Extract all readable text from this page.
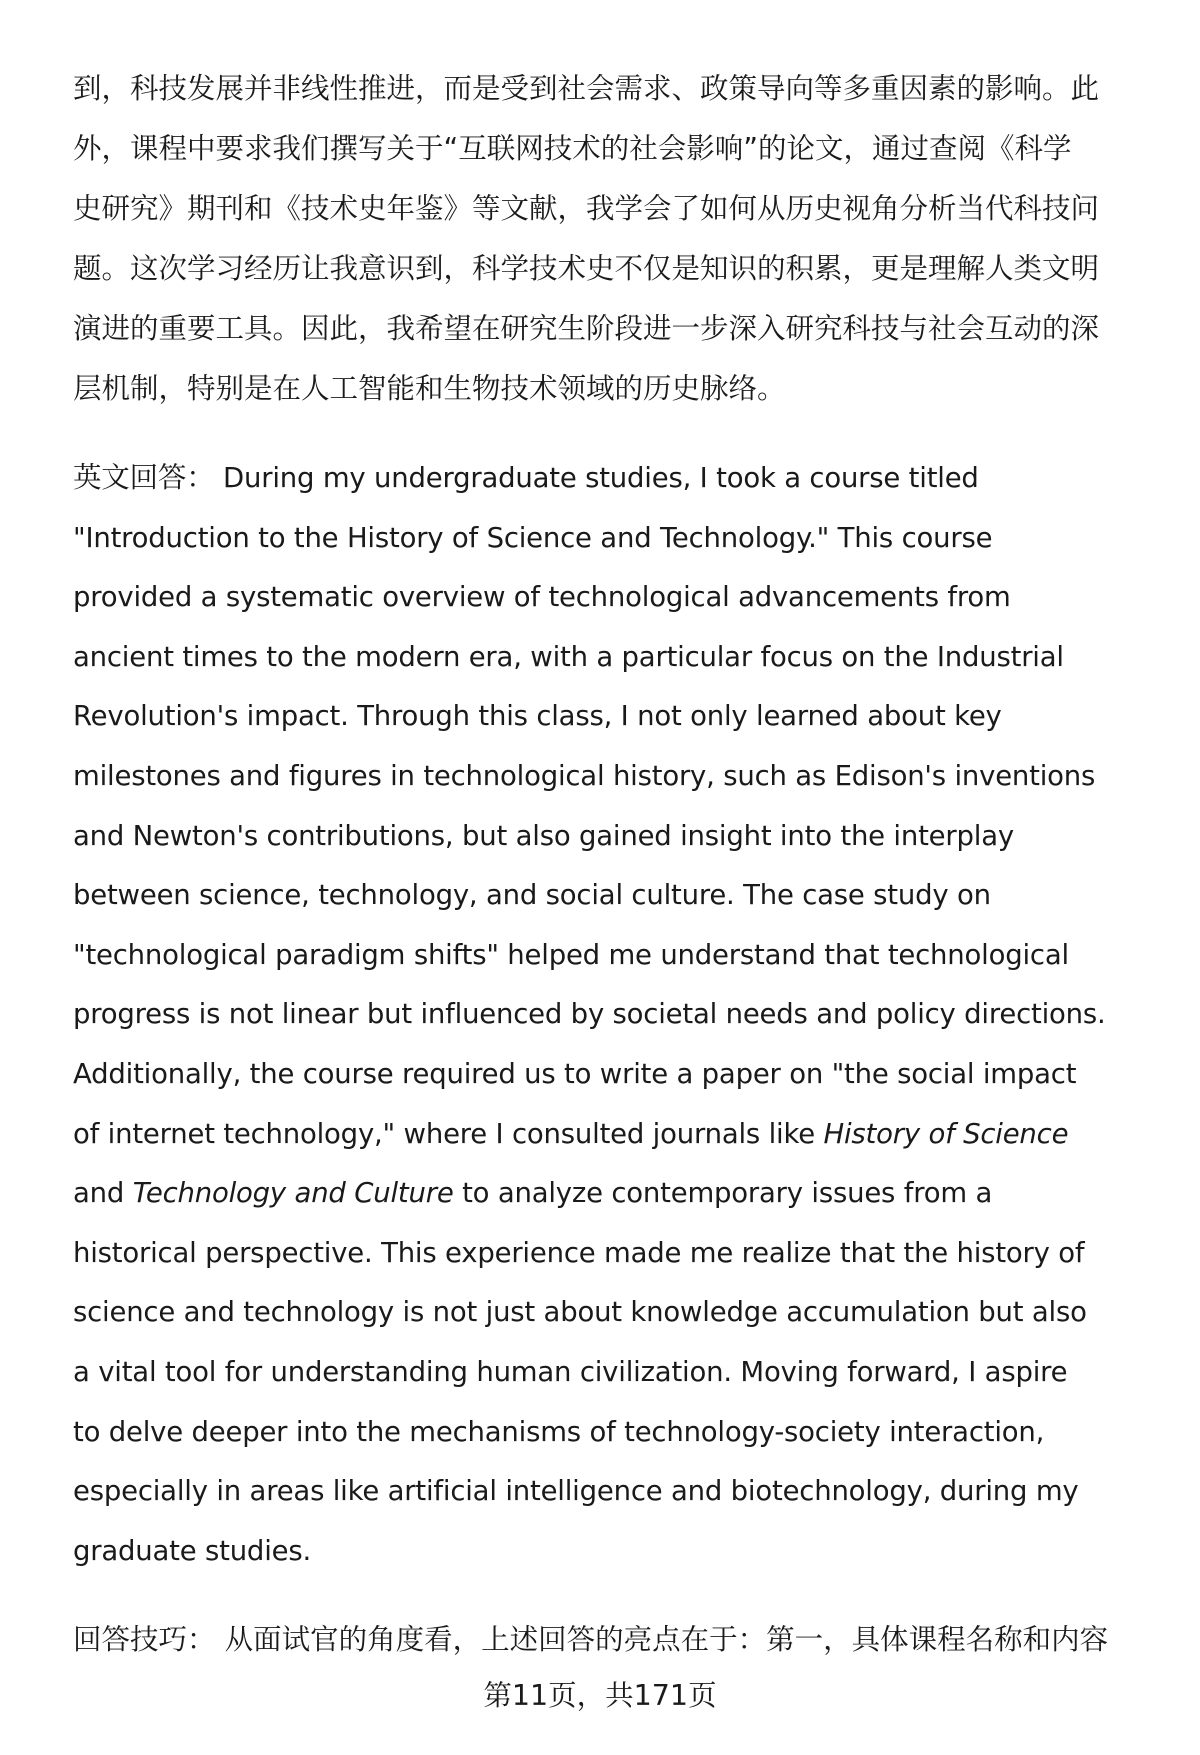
到，科技发展并非线性推进，而是受到社会需求、政策导向等多重因素的影响。此
外，课程中要求我们撰写关于“互联网技术的社会影响”的论文，通过查阅《科学
史研究》期刊和《技术史年鉴》等文献，我学会了如何从历史视角分析当代科技问
题。这次学习经历让我意识到，科学技术史不仅是知识的积累，更是理解人类文明
演进的重要工具。因此，我希望在研究生阶段进一步深入研究科技与社会互动的深
层机制，特别是在人工智能和生物技术领域的历史脉络。
英文回答： During my undergraduate studies, I took a course titled
"Introduction to the History of Science and Technology." This course
provided a systematic overview of technological advancements from
ancient times to the modern era, with a particular focus on the Industrial
Revolution's impact. Through this class, I not only learned about key
milestones and figures in technological history, such as Edison's inventions
and Newton's contributions, but also gained insight into the interplay
between science, technology, and social culture. The case study on
"technological paradigm shifts" helped me understand that technological
progress is not linear but influenced by societal needs and policy directions.
Additionally, the course required us to write a paper on "the social impact
of internet technology," where I consulted journals like History of Science
and Technology and Culture to analyze contemporary issues from a
historical perspective. This experience made me realize that the history of
science and technology is not just about knowledge accumulation but also
a vital tool for understanding human civilization. Moving forward, I aspire
to delve deeper into the mechanisms of technology-society interaction,
especially in areas like artificial intelligence and biotechnology, during my
graduate studies.
回答技巧： 从面试官的角度看，上述回答的亮点在于：第一，具体课程名称和内容
第11页，共171页
